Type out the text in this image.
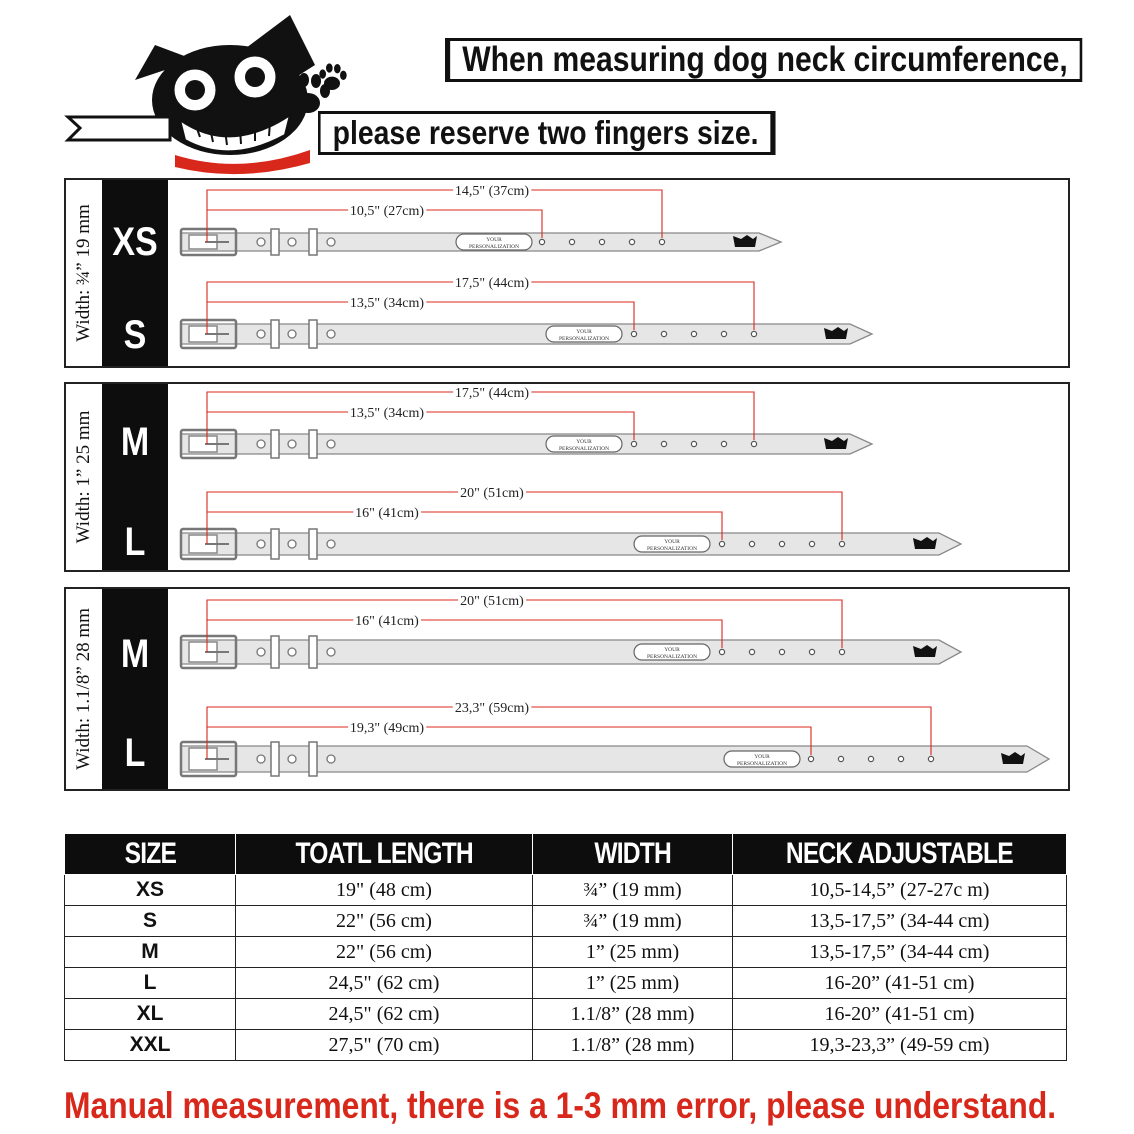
When measuring dog neck circumference,
please reserve two fingers size.
Width: ¾” 19 mm XS
S
YOUR
PERSONALIZATION
10,5" (27cm)
14,5" (37cm)
YOUR
PERSONALIZATION
13,5" (34cm)
17,5" (44cm)
Width: 1” 25 mm M
L
YOUR
PERSONALIZATION
13,5" (34cm)
17,5" (44cm)
YOUR
PERSONALIZATION
16" (41cm)
20" (51cm)
Width: 1.1/8” 28 mm M
L
YOUR
PERSONALIZATION
16" (41cm)
20" (51cm)
YOUR
PERSONALIZATION
19,3" (49cm)
23,3" (59cm)
SIZE	TOATL LENGTH	WIDTH	NECK ADJUSTABLE
XS	19" (48 cm)	¾” (19 mm)	10,5-14,5” (27-27c m)
S	22" (56 cm)	¾” (19 mm)	13,5-17,5” (34-44 cm)
M	22" (56 cm)	1” (25 mm)	13,5-17,5” (34-44 cm)
L	24,5" (62 cm)	1” (25 mm)	16-20” (41-51 cm)
XL	24,5" (62 cm)	1.1/8” (28 mm)	16-20” (41-51 cm)
XXL	27,5" (70 cm)	1.1/8” (28 mm)	19,3-23,3” (49-59 cm)
Manual measurement, there is a 1-3 mm error, please understand.
